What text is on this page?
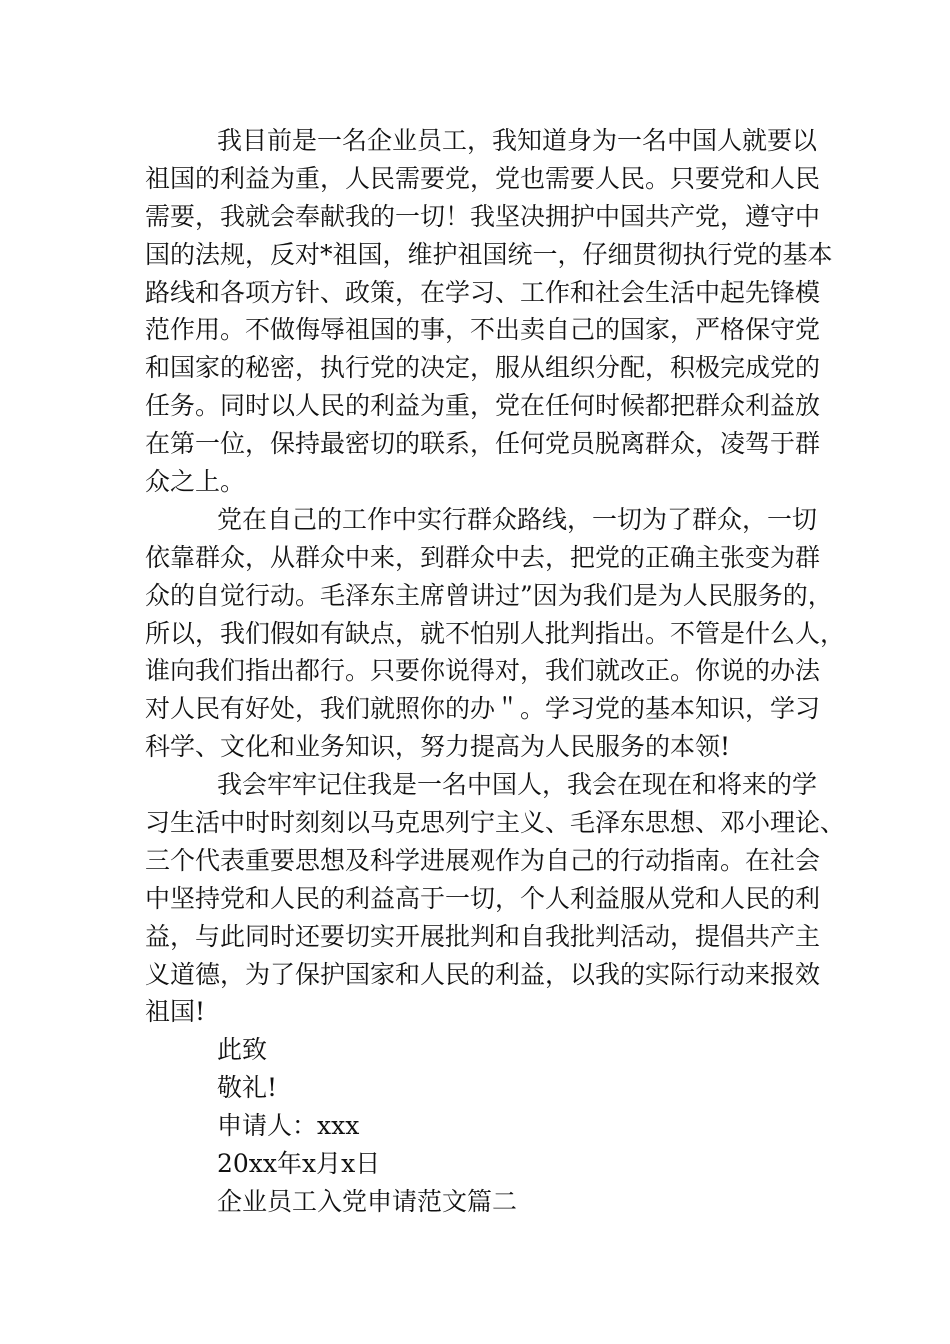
我目前是一名企业员工，我知道身为一名中国人就要以
祖国的利益为重，人民需要党，党也需要人民。只要党和人民
需要，我就会奉献我的一切！我坚决拥护中国共产党，遵守中
国的法规，反对*祖国，维护祖国统一，仔细贯彻执行党的基本
路线和各项方针、政策，在学习、工作和社会生活中起先锋模
范作用。不做侮辱祖国的事，不出卖自己的国家，严格保守党
和国家的秘密，执行党的决定，服从组织分配，积极完成党的
任务。同时以人民的利益为重，党在任何时候都把群众利益放
在第一位，保持最密切的联系，任何党员脱离群众，凌驾于群
众之上。
党在自己的工作中实行群众路线，一切为了群众，一切
依靠群众，从群众中来，到群众中去，把党的正确主张变为群
众的自觉行动。毛泽东主席曾讲过”因为我们是为人民服务的，
所以，我们假如有缺点，就不怕别人批判指出。不管是什么人，
谁向我们指出都行。只要你说得对，我们就改正。你说的办法
对人民有好处，我们就照你的办＂。学习党的基本知识，学习
科学、文化和业务知识，努力提高为人民服务的本领!
我会牢牢记住我是一名中国人，我会在现在和将来的学
习生活中时时刻刻以马克思列宁主义、毛泽东思想、邓小理论、
三个代表重要思想及科学进展观作为自己的行动指南。在社会
中坚持党和人民的利益高于一切，个人利益服从党和人民的利
益，与此同时还要切实开展批判和自我批判活动，提倡共产主
义道德，为了保护国家和人民的利益，以我的实际行动来报效
祖国!
此致
敬礼!
申请人：xxx
20xx年x月x日
企业员工入党申请范文篇二
